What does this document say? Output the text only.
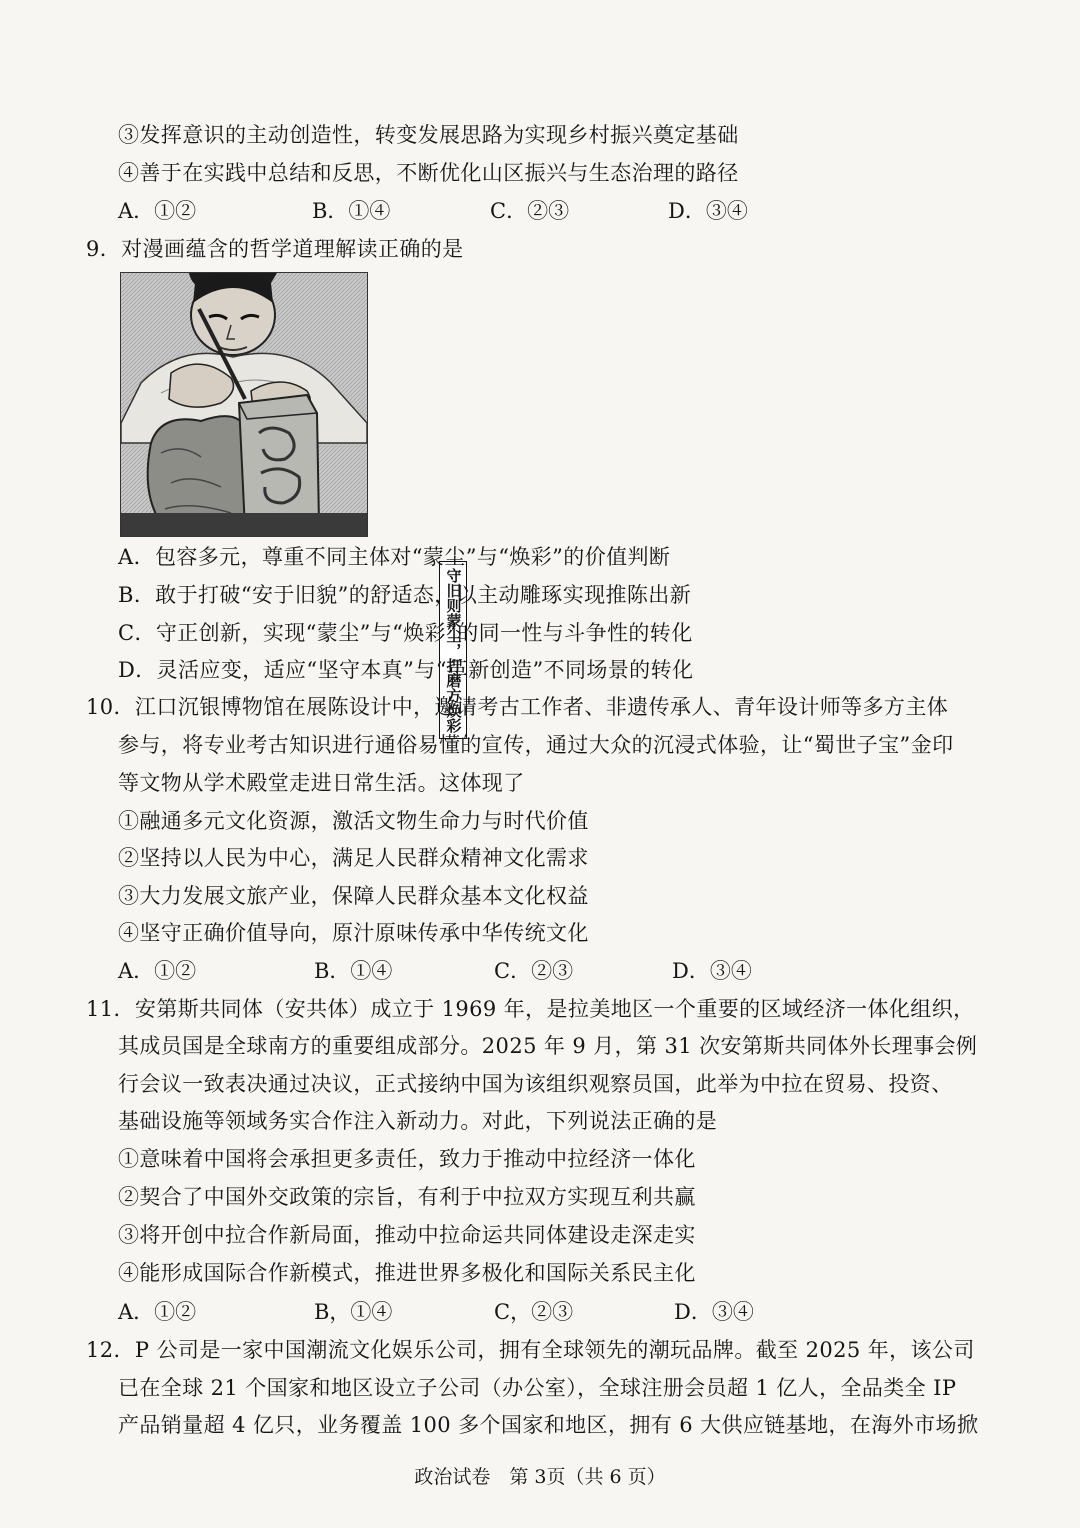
③发挥意识的主动创造性，转变发展思路为实现乡村振兴奠定基础
④善于在实践中总结和反思，不断优化山区振兴与生态治理的路径
A．①②	B．①④	C．②③	D．③④
9．对漫画蕴含的哲学道理解读正确的是
守旧则蒙尘，打磨方焕彩
A．包容多元，尊重不同主体对“蒙尘”与“焕彩”的价值判断
B．敢于打破“安于旧貌”的舒适态，以主动雕琢实现推陈出新
C．守正创新，实现“蒙尘”与“焕彩”的同一性与斗争性的转化
D．灵活应变，适应“坚守本真”与“革新创造”不同场景的转化
10．江口沉银博物馆在展陈设计中，邀请考古工作者、非遗传承人、青年设计师等多方主体
参与，将专业考古知识进行通俗易懂的宣传，通过大众的沉浸式体验，让“蜀世子宝”金印
等文物从学术殿堂走进日常生活。这体现了
①融通多元文化资源，激活文物生命力与时代价值
②坚持以人民为中心，满足人民群众精神文化需求
③大力发展文旅产业，保障人民群众基本文化权益
④坚守正确价值导向，原汁原味传承中华传统文化
A．①②	B．①④	C．②③	D．③④
11．安第斯共同体（安共体）成立于 1969 年，是拉美地区一个重要的区域经济一体化组织，
其成员国是全球南方的重要组成部分。2025 年 9 月，第 31 次安第斯共同体外长理事会例
行会议一致表决通过决议，正式接纳中国为该组织观察员国，此举为中拉在贸易、投资、
基础设施等领域务实合作注入新动力。对此，下列说法正确的是
①意味着中国将会承担更多责任，致力于推动中拉经济一体化
②契合了中国外交政策的宗旨，有利于中拉双方实现互利共赢
③将开创中拉合作新局面，推动中拉命运共同体建设走深走实
④能形成国际合作新模式，推进世界多极化和国际关系民主化
A．①②	B，①④	C，②③	D．③④
12．P 公司是一家中国潮流文化娱乐公司，拥有全球领先的潮玩品牌。截至 2025 年，该公司
已在全球 21 个国家和地区设立子公司（办公室），全球注册会员超 1 亿人，全品类全 IP
产品销量超 4 亿只，业务覆盖 100 多个国家和地区，拥有 6 大供应链基地，在海外市场掀
政治试卷　第 3页（共 6 页）
